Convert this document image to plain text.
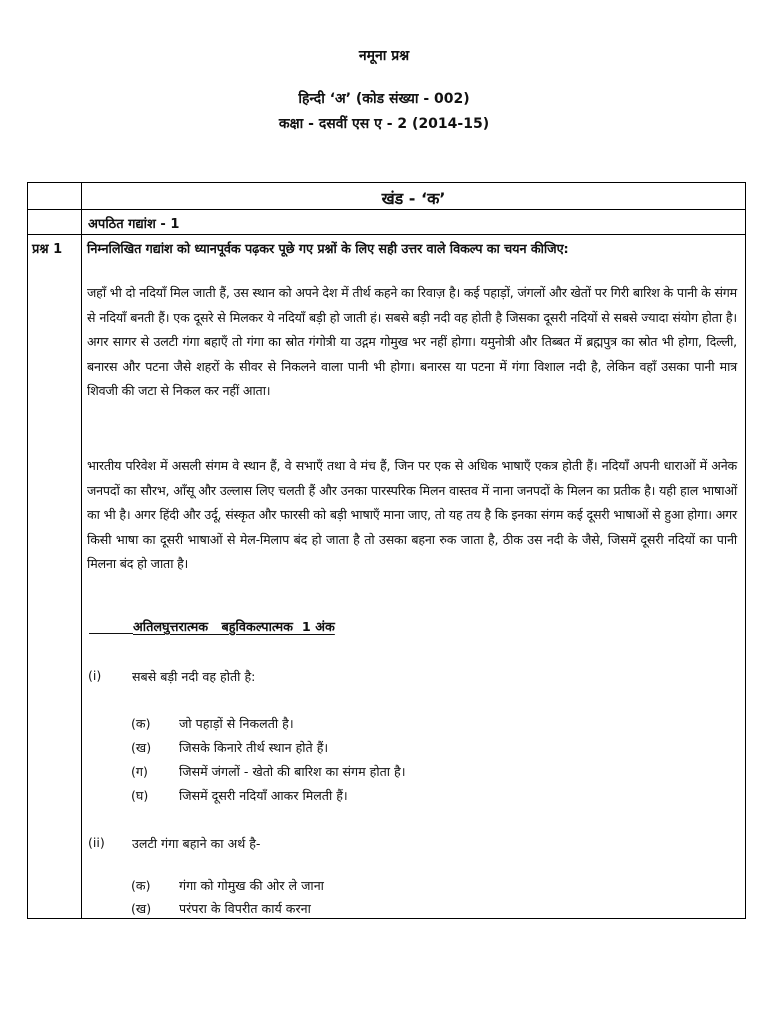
नमूना प्रश्न
हिन्दी ‘अ’ (कोड संख्या - 002)
कक्षा - दसवीं एस ए - 2 (2014-15)
खंड - ‘क’
अपठित गद्यांश - 1
प्रश्न 1 निम्नलिखित गद्यांश को ध्यानपूर्वक पढ़कर पूछे गए प्रश्नों के लिए सही उत्तर वाले विकल्प का चयन कीजिए:
जहाँ भी दो नदियाँ मिल जाती हैं, उस स्थान को अपने देश में तीर्थ कहने का रिवाज़ है। कई पहाड़ों, जंगलों और खेतों पर गिरी बारिश के पानी के संगम से नदियाँ बनती हैं। एक दूसरे से मिलकर ये नदियाँ बड़ी हो जाती हं। सबसे बड़ी नदी वह होती है जिसका दूसरी नदियों से सबसे ज्यादा संयोग होता है। अगर सागर से उलटी गंगा बहाएँ तो गंगा का स्रोत गंगोत्री या उद्गम गोमुख भर नहीं होगा। यमुनोत्री और तिब्बत में ब्रह्मपुत्र का स्रोत भी होगा, दिल्ली, बनारस और पटना जैसे शहरों के सीवर से निकलने वाला पानी भी होगा। बनारस या पटना में गंगा विशाल नदी है, लेकिन वहाँ उसका पानी मात्र शिवजी की जटा से निकल कर नहीं आता।
भारतीय परिवेश में असली संगम वे स्थान हैं, वे सभाएँ तथा वे मंच हैं, जिन पर एक से अधिक भाषाएँ एकत्र होती हैं। नदियाँ अपनी धाराओं में अनेक जनपदों का सौरभ, आँसू और उल्लास लिए चलती हैं और उनका पारस्परिक मिलन वास्तव में नाना जनपदों के मिलन का प्रतीक है। यही हाल भाषाओं का भी है। अगर हिंदी और उर्दू, संस्कृत और फारसी को बड़ी भाषाएँ माना जाए, तो यह तय है कि इनका संगम कई दूसरी भाषाओं से हुआ होगा। अगर किसी भाषा का दूसरी भाषाओं से मेल-मिलाप बंद हो जाता है तो उसका बहना रुक जाता है, ठीक उस नदी के जैसे, जिसमें दूसरी नदियों का पानी मिलना बंद हो जाता है।
अतिलघुत्तरात्मक   बहुविकल्पात्मक  1 अंक
(i) सबसे बड़ी नदी वह होती है:
(क) जो पहाड़ों से निकलती है।
(ख) जिसके किनारे तीर्थ स्थान होते हैं।
(ग) जिसमें जंगलों - खेतो की बारिश का संगम होता है।
(घ) जिसमें दूसरी नदियाँ आकर मिलती हैं।
(ii) उलटी गंगा बहाने का अर्थ है-
(क) गंगा को गोमुख की ओर ले जाना
(ख) परंपरा के विपरीत कार्य करना
